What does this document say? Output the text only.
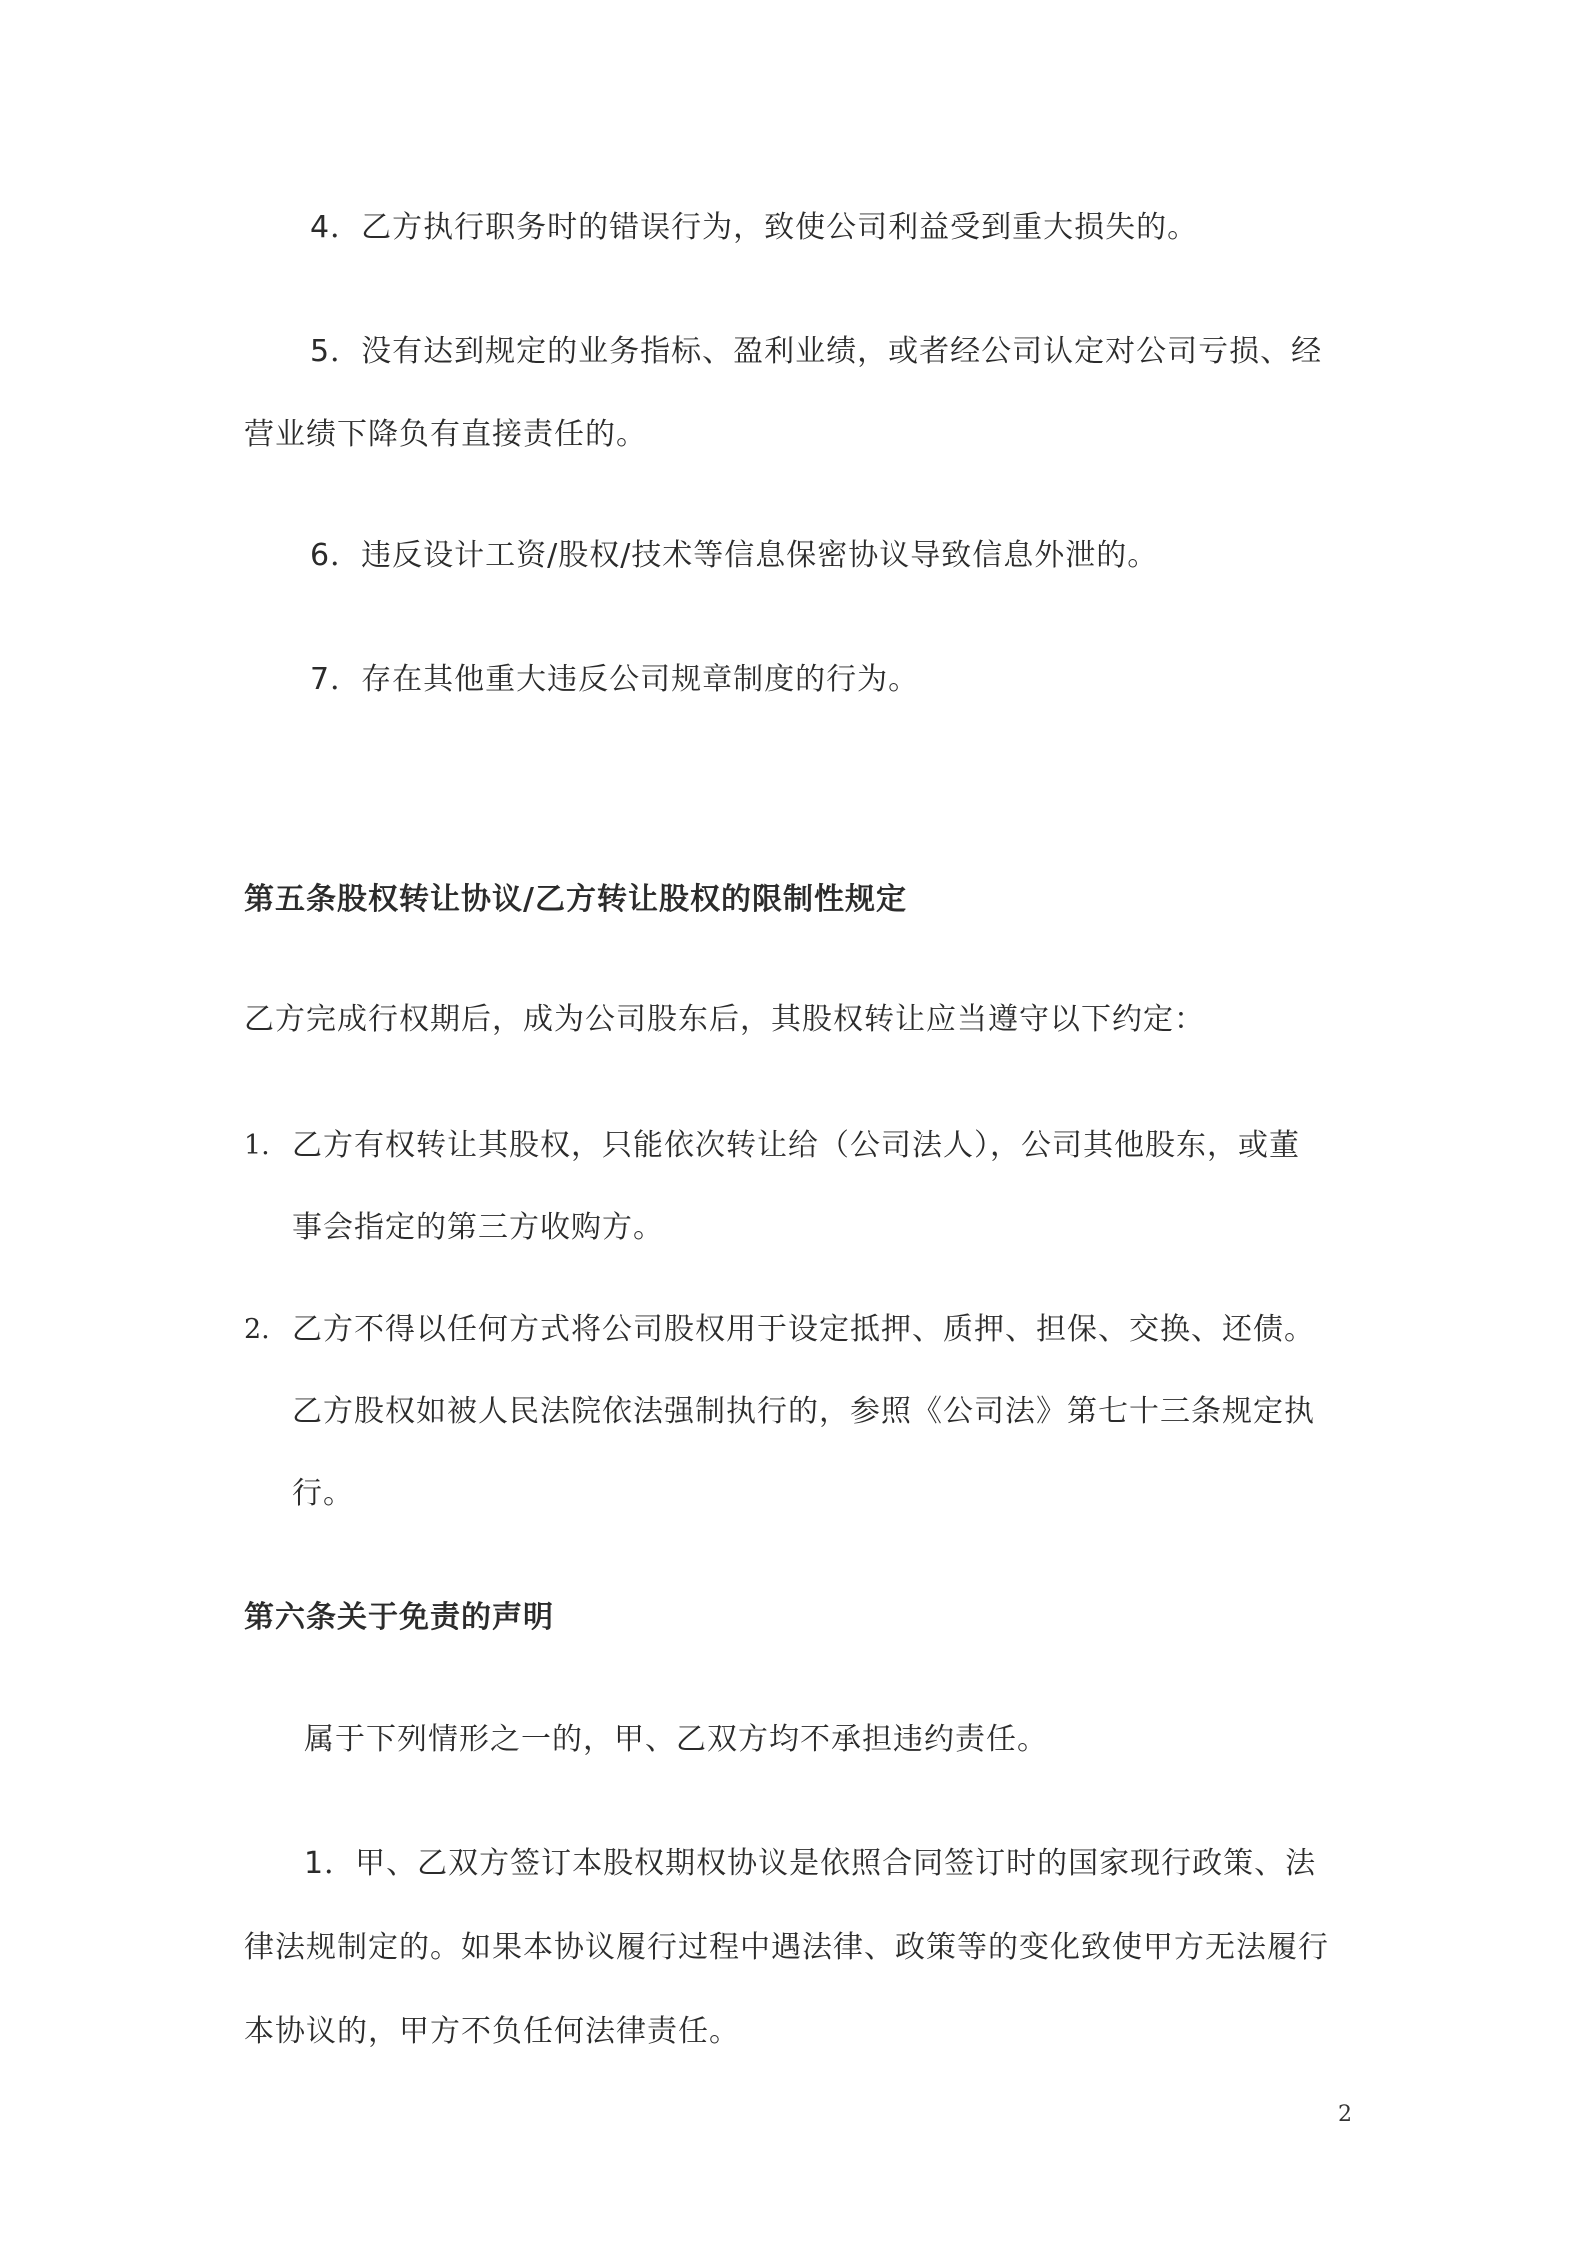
4．乙方执行职务时的错误行为，致使公司利益受到重大损失的。
5．没有达到规定的业务指标、盈利业绩，或者经公司认定对公司亏损、经
营业绩下降负有直接责任的。
6．违反设计工资/股权/技术等信息保密协议导致信息外泄的。
7．存在其他重大违反公司规章制度的行为。
第五条股权转让协议/乙方转让股权的限制性规定
乙方完成行权期后，成为公司股东后，其股权转让应当遵守以下约定：
1. 乙方有权转让其股权，只能依次转让给（公司法人），公司其他股东，或董
事会指定的第三方收购方。
2. 乙方不得以任何方式将公司股权用于设定抵押、质押、担保、交换、还债。
乙方股权如被人民法院依法强制执行的，参照《公司法》第七十三条规定执
行。
第六条关于免责的声明
属于下列情形之一的，甲、乙双方均不承担违约责任。
1．甲、乙双方签订本股权期权协议是依照合同签订时的国家现行政策、法
律法规制定的。如果本协议履行过程中遇法律、政策等的变化致使甲方无法履行
本协议的，甲方不负任何法律责任。
2
